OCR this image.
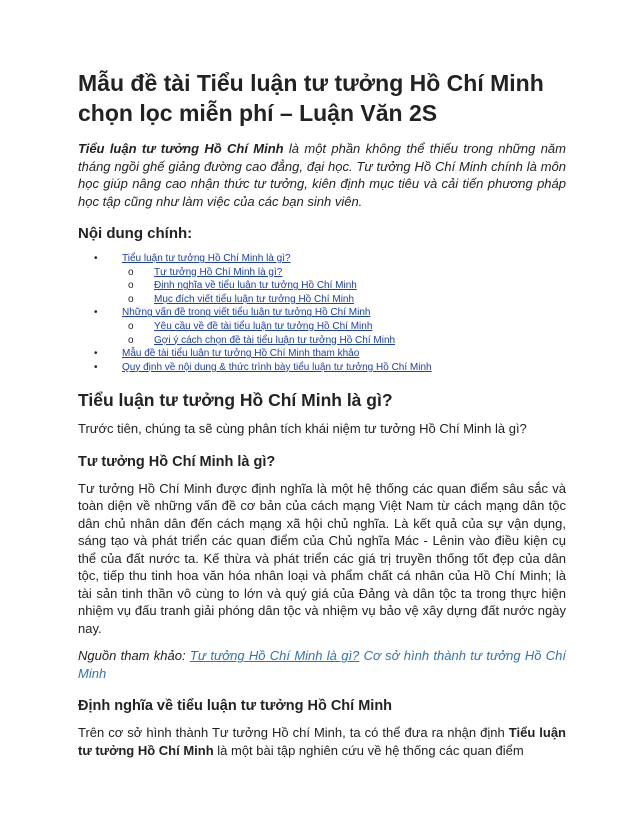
Mẫu đề tài Tiểu luận tư tưởng Hồ Chí Minh chọn lọc miễn phí – Luận Văn 2S

Tiểu luận tư tưởng Hồ Chí Minh là một phần không thể thiếu trong những năm tháng ngồi ghế giảng đường cao đẳng, đại học. Tư tưởng Hồ Chí Minh chính là môn học giúp nâng cao nhận thức tư tưởng, kiên định mục tiêu và cải tiến phương pháp học tập cũng như làm việc của các bạn sinh viên.

Nội dung chính:
• Tiểu luận tư tưởng Hồ Chí Minh là gì?
o Tư tưởng Hồ Chí Minh là gì?
o Định nghĩa về tiểu luận tư tưởng Hồ Chí Minh
o Mục đích viết tiểu luận tư tưởng Hồ Chí Minh
• Những vấn đề trong viết tiểu luận tư tưởng Hồ Chí Minh
o Yêu cầu về đề tài tiểu luận tư tưởng Hồ Chí Minh
o Gợi ý cách chọn đề tài tiểu luận tư tưởng Hồ Chí Minh
• Mẫu đề tài tiểu luận tư tưởng Hồ Chí Minh tham khảo
• Quy định về nội dung & thức trình bày tiểu luận tư tưởng Hồ Chí Minh
Tiểu luận tư tưởng Hồ Chí Minh là gì?

Trước tiên, chúng ta sẽ cùng phân tích khái niệm tư tưởng Hồ Chí Minh là gì?

Tư tưởng Hồ Chí Minh là gì?

Tư tưởng Hồ Chí Minh được định nghĩa là một hệ thống các quan điểm sâu sắc và toàn diện về những vấn đề cơ bản của cách mạng Việt Nam từ cách mạng dân tộc dân chủ nhân dân đến cách mạng xã hội chủ nghĩa. Là kết quả của sự vận dụng, sáng tạo và phát triển các quan điểm của Chủ nghĩa Mác - Lênin vào điều kiện cụ thể của đất nước ta. Kế thừa và phát triển các giá trị truyền thống tốt đẹp của dân tộc, tiếp thu tinh hoa văn hóa nhân loại và phẩm chất cá nhân của Hồ Chí Minh; là tài sản tinh thần vô cùng to lớn và quý giá của Đảng và dân tộc ta trong thực hiện nhiệm vụ đấu tranh giải phóng dân tộc và nhiệm vụ bảo vệ xây dựng đất nước ngày nay.

Nguồn tham khảo: Tư tưởng Hồ Chí Minh là gì? Cơ sở hình thành tư tưởng Hồ Chí Minh

Định nghĩa về tiểu luận tư tưởng Hồ Chí Minh

Trên cơ sở hình thành Tư tưởng Hồ chí Minh, ta có thể đưa ra nhận định Tiểu luận tư tưởng Hồ Chí Minh là một bài tập nghiên cứu về hệ thống các quan điểm
